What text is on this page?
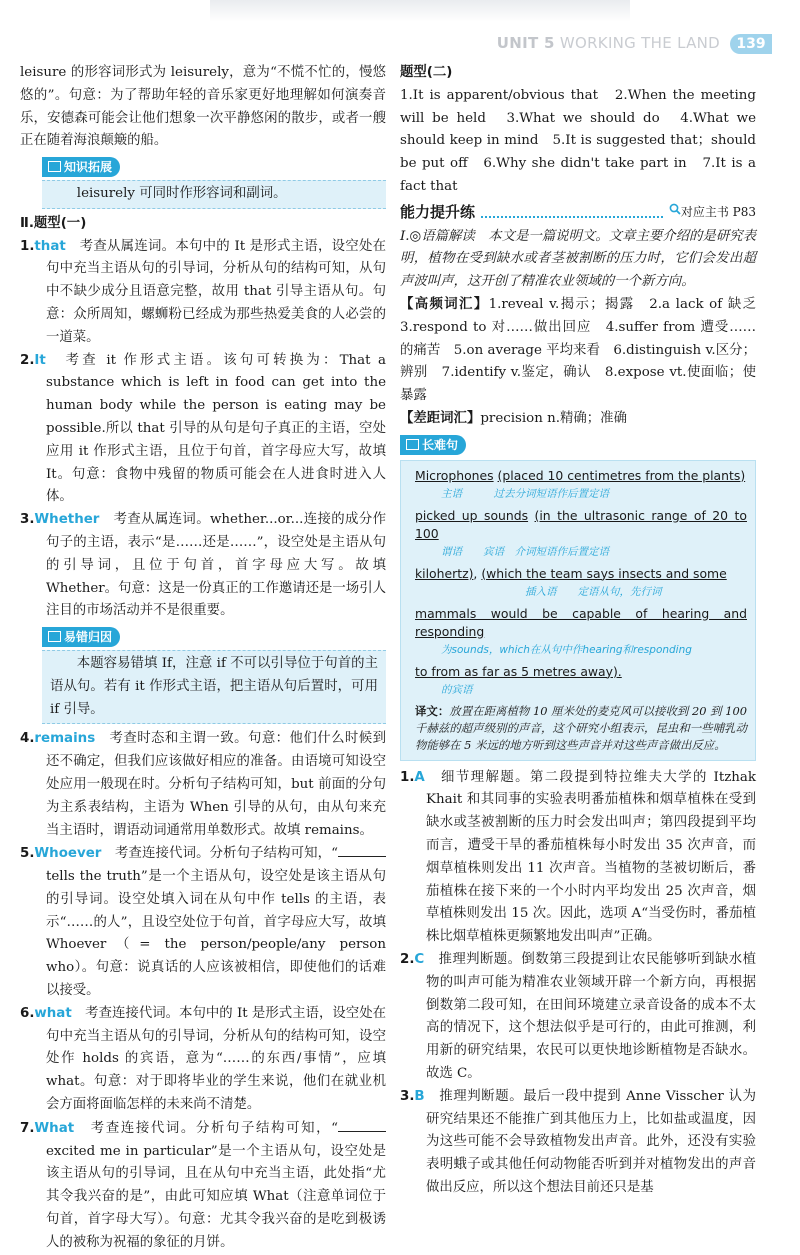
UNIT 5 WORKING THE LAND	139

leisure 的形容词形式为 leisurely，意为“不慌不忙的，慢悠悠的”。句意：为了帮助年轻的音乐家更好地理解如何演奏音乐，安德森可能会让他们想象一次平静悠闲的散步，或者一艘正在随着海浪颠簸的船。

知识拓展

leisurely 可同时作形容词和副词。

Ⅱ.题型(一)

1.that　考查从属连词。本句中的 It 是形式主语，设空处在句中充当主语从句的引导词，分析从句的结构可知，从句中不缺少成分且语意完整，故用 that 引导主语从句。句意：众所周知，螺蛳粉已经成为那些热爱美食的人必尝的一道菜。

2.It　考查 it 作形式主语。该句可转换为：That a substance which is left in food can get into the human body while the person is eating may be possible.所以 that 引导的从句是句子真正的主语，空处应用 it 作形式主语，且位于句首，首字母应大写，故填 It。句意：食物中残留的物质可能会在人进食时进入人体。

3.Whether　考查从属连词。whether...or...连接的成分作句子的主语，表示“是……还是……”，设空处是主语从句的引导词，且位于句首，首字母应大写。故填 Whether。句意：这是一份真正的工作邀请还是一场引人注目的市场活动并不是很重要。

易错归因

本题容易错填 If，注意 if 不可以引导位于句首的主语从句。若有 it 作形式主语，把主语从句后置时，可用 if 引导。

4.remains　考查时态和主谓一致。句意：他们什么时候到还不确定，但我们应该做好相应的准备。由语境可知设空处应用一般现在时。分析句子结构可知，but 前面的分句为主系表结构，主语为 When 引导的从句，由从句来充当主语时，谓语动词通常用单数形式。故填 remains。

5.Whoever　考查连接代词。分析句子结构可知，“ tells the truth”是一个主语从句，设空处是该主语从句的引导词。设空处填入词在从句中作 tells 的主语，表示“……的人”，且设空处位于句首，首字母应大写，故填 Whoever（= the person/people/any person who）。句意：说真话的人应该被相信，即使他们的话难以接受。

6.what　考查连接代词。本句中的 It 是形式主语，设空处在句中充当主语从句的引导词，分析从句的结构可知，设空处作 holds 的宾语，意为“……的东西/事情”，应填 what。句意：对于即将毕业的学生来说，他们在就业机会方面将面临怎样的未来尚不清楚。

7.What　考查连接代词。分析句子结构可知，“ excited me in particular”是一个主语从句，设空处是该主语从句的引导词，且在从句中充当主语，此处指“尤其令我兴奋的是”，由此可知应填 What（注意单词位于句首，首字母大写）。句意：尤其令我兴奋的是吃到极诱人的被称为祝福的象征的月饼。

题型(二)

1.It is apparent/obvious that　2.When the meeting will be held　3.What we should do　4.What we should keep in mind　5.It is suggested that；should be put off　6.Why she didn't take part in　7.It is a fact that

能力提升练	对应主书 P83

Ⅰ.◎语篇解读　本文是一篇说明文。文章主要介绍的是研究表明，植物在受到缺水或者茎被割断的压力时，它们会发出超声波叫声，这开创了精准农业领域的一个新方向。

【高频词汇】1.reveal v.揭示；揭露　2.a lack of 缺乏　3.respond to 对……做出回应　4.suffer from 遭受……的痛苦　5.on average 平均来看　6.distinguish v.区分；辨别　7.identify v.鉴定，确认　8.expose vt.使面临；使暴露

【差距词汇】precision n.精确；准确

长难句
Microphones (placed 10 centimetres from the plants)
主语　　　	过去分词短语作后置定语
picked up sounds (in the ultrasonic range of 20 to 100
谓语　　宾语　介词短语作后置定语
kilohertz), (which the team says insects and some
插入语　　定语从句，先行词
mammals would be capable of hearing and responding
为sounds，which在从句中作hearing和responding
to from as far as 5 metres away).
的宾语
译文：放置在距离植物 10 厘米处的麦克风可以接收到 20 到 100 千赫兹的超声级别的声音，这个研究小组表示，昆虫和一些哺乳动物能够在 5 米远的地方听到这些声音并对这些声音做出反应。

1.A　细节理解题。第二段提到特拉维夫大学的 Itzhak Khait 和其同事的实验表明番茄植株和烟草植株在受到缺水或茎被割断的压力时会发出叫声；第四段提到平均而言，遭受干旱的番茄植株每小时发出 35 次声音，而烟草植株则发出 11 次声音。当植物的茎被切断后，番茄植株在接下来的一个小时内平均发出 25 次声音，烟草植株则发出 15 次。因此，选项 A“当受伤时，番茄植株比烟草植株更频繁地发出叫声”正确。

2.C　推理判断题。倒数第三段提到让农民能够听到缺水植物的叫声可能为精准农业领域开辟一个新方向，再根据倒数第二段可知，在田间环境建立录音设备的成本不太高的情况下，这个想法似乎是可行的，由此可推测，利用新的研究结果，农民可以更快地诊断植物是否缺水。故选 C。

3.B　推理判断题。最后一段中提到 Anne Visscher 认为研究结果还不能推广到其他压力上，比如盐或温度，因为这些可能不会导致植物发出声音。此外，还没有实验表明蛾子或其他任何动物能否听到并对植物发出的声音做出反应，所以这个想法目前还只是基
